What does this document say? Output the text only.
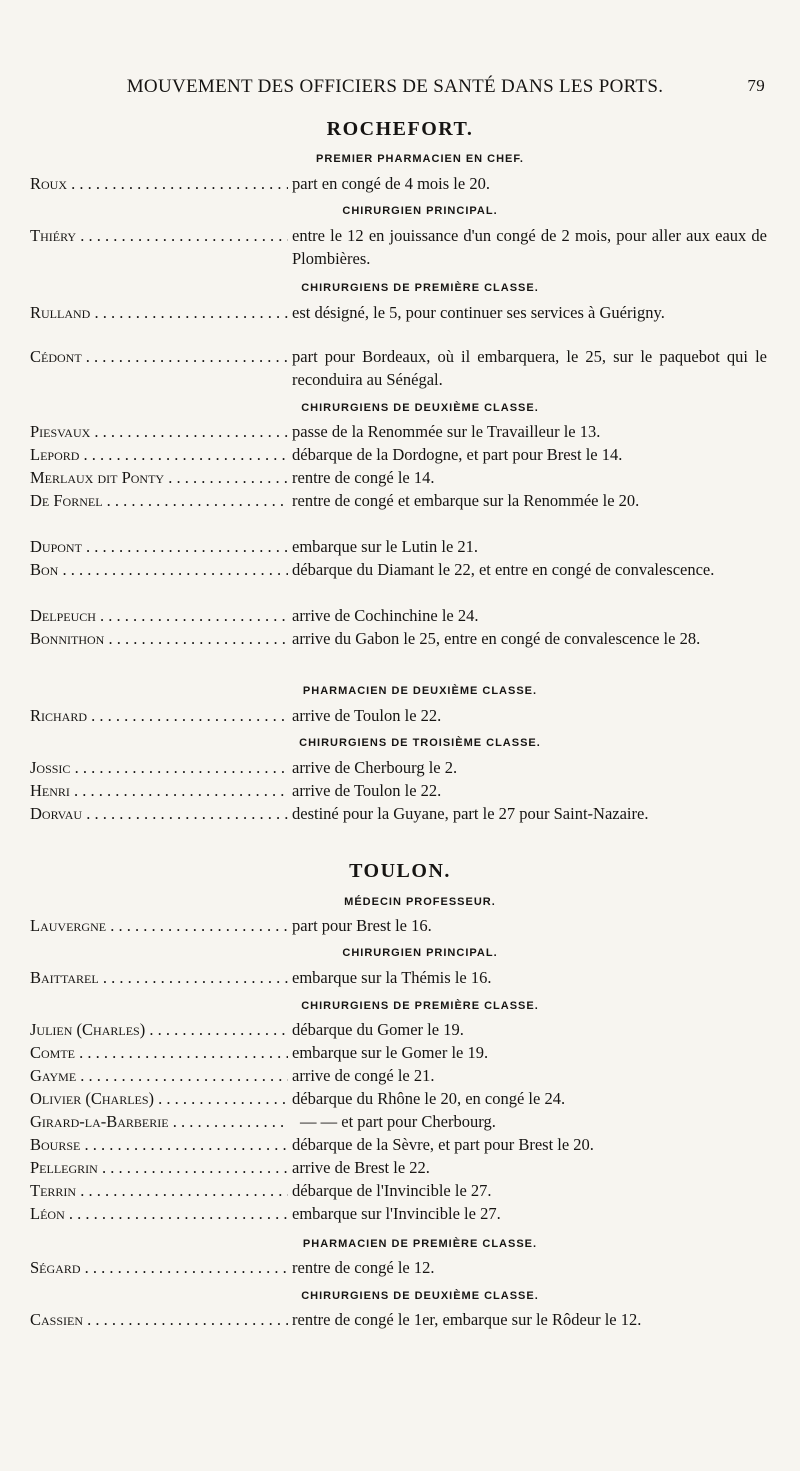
MOUVEMENT DES OFFICIERS DE SANTÉ DANS LES PORTS.	79
ROCHEFORT.
PREMIER PHARMACIEN EN CHEF.
Roux . . .	part en congé de 4 mois le 20.
CHIRURGIEN PRINCIPAL.
Thiéry . . .	entre le 12 en jouissance d'un congé de 2 mois, pour aller aux eaux de Plombières.
CHIRURGIENS DE PREMIÈRE CLASSE.
Rulland . . .	est désigné, le 5, pour continuer ses services à Guérigny.
Cédont . . .	part pour Bordeaux, où il embarquera, le 25, sur le paquebot qui le reconduira au Sénégal.
CHIRURGIENS DE DEUXIÈME CLASSE.
Piesvaux . . .	passe de la Renommée sur le Travailleur le 13.
Lepord . . .	débarque de la Dordogne, et part pour Brest le 14.
Merlaux dit Ponty . . .	rentre de congé le 14.
De Fornel . . .	rentre de congé et embarque sur la Renommée le 20.
Dupont . . .	embarque sur le Lutin le 21.
Bon . . .	débarque du Diamant le 22, et entre en congé de convalescence.
Delpeuch . . .	arrive de Cochinchine le 24.
Bonnithon . . .	arrive du Gabon le 25, entre en congé de convalescence le 28.
PHARMACIEN DE DEUXIÈME CLASSE.
Richard . . .	arrive de Toulon le 22.
CHIRURGIENS DE TROISIÈME CLASSE.
Jossic . . .	arrive de Cherbourg le 2.
Henri . . .	arrive de Toulon le 22.
Dorvau . . .	destiné pour la Guyane, part le 27 pour Saint-Nazaire.
TOULON.
MÉDECIN PROFESSEUR.
Lauvergne . . .	part pour Brest le 16.
CHIRURGIEN PRINCIPAL.
Baittarel . . .	embarque sur la Thémis le 16.
CHIRURGIENS DE PREMIÈRE CLASSE.
Julien (Charles) . . .	débarque du Gomer le 19.
Comte . . .	embarque sur le Gomer le 19.
Gayme . . .	arrive de congé le 21.
Olivier (Charles) . . .	débarque du Rhône le 20, en congé le 24.
Girard-la-Barberie . . .	— — et part pour Cherbourg.
Bourse . . .	débarque de la Sèvre, et part pour Brest le 20.
Pellegrin . . .	arrive de Brest le 22.
Terrin . . .	débarque de l'Invincible le 27.
Léon . . .	embarque sur l'Invincible le 27.
PHARMACIEN DE PREMIÈRE CLASSE.
Ségard . . .	rentre de congé le 12.
CHIRURGIENS DE DEUXIÈME CLASSE.
Cassien . . .	rentre de congé le 1er, embarque sur le Rôdeur le 12.
